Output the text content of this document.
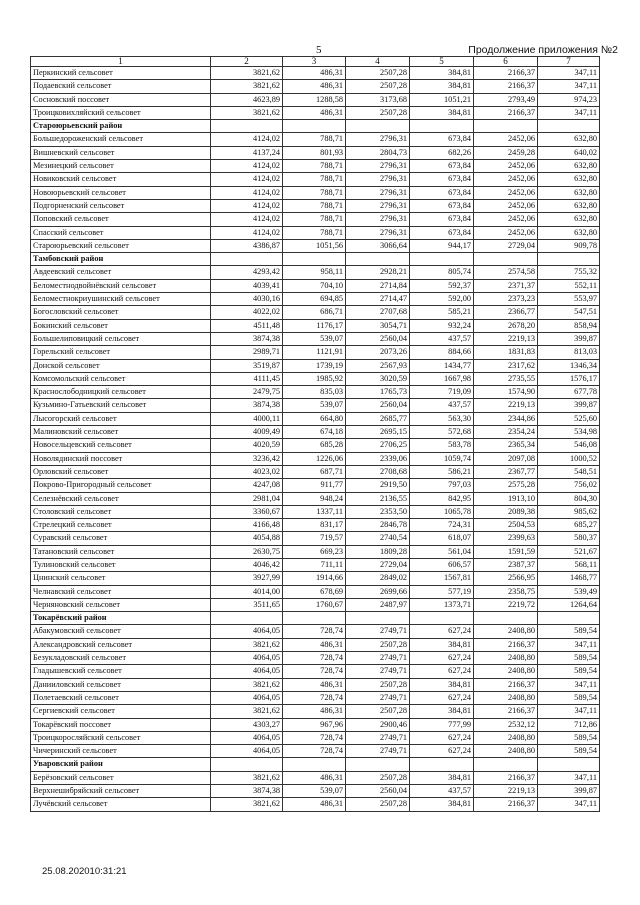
5	Продолжение приложения №2
1	2	3	4	5	6	7
Перкинский сельсовет	3821,62	486,31	2507,28	384,81	2166,37	347,11
Подаевский сельсовет	3821,62	486,31	2507,28	384,81	2166,37	347,11
Сосновский поссовет	4623,89	1288,58	3173,68	1051,21	2793,49	974,23
Троицковихляйский сельсовет	3821,62	486,31	2507,28	384,81	2166,37	347,11
Староюрьевский район						
Большедороженский сельсовет	4124,02	788,71	2796,31	673,84	2452,06	632,80
Вишневский сельсовет	4137,24	801,93	2804,73	682,26	2459,28	640,02
Мезинецкий сельсовет	4124,02	788,71	2796,31	673,84	2452,06	632,80
Новиковский сельсовет	4124,02	788,71	2796,31	673,84	2452,06	632,80
Новоюрьевский сельсовет	4124,02	788,71	2796,31	673,84	2452,06	632,80
Подгорненский сельсовет	4124,02	788,71	2796,31	673,84	2452,06	632,80
Поповский сельсовет	4124,02	788,71	2796,31	673,84	2452,06	632,80
Спасский сельсовет	4124,02	788,71	2796,31	673,84	2452,06	632,80
Староюрьевский сельсовет	4386,87	1051,56	3066,64	944,17	2729,04	909,78
Тамбовский район						
Авдеевский сельсовет	4293,42	958,11	2928,21	805,74	2574,58	755,32
Беломестнодвойнёвский сельсовет	4039,41	704,10	2714,84	592,37	2371,37	552,11
Беломестнокриушинский сельсовет	4030,16	694,85	2714,47	592,00	2373,23	553,97
Богословский сельсовет	4022,02	686,71	2707,68	585,21	2366,77	547,51
Бокинский сельсовет	4511,48	1176,17	3054,71	932,24	2678,20	858,94
Большелиповицкий сельсовет	3874,38	539,07	2560,04	437,57	2219,13	399,87
Горельский сельсовет	2989,71	1121,91	2073,26	884,66	1831,83	813,03
Донской сельсовет	3519,87	1739,19	2567,93	1434,77	2317,62	1346,34
Комсомольский сельсовет	4111,45	1985,92	3020,59	1667,98	2735,55	1576,17
Краснослободницкий сельсовет	2479,75	835,03	1765,73	719,09	1574,90	677,78
Кузьмино-Гатьевский сельсовет	3874,38	539,07	2560,04	437,57	2219,13	399,87
Лысогорский сельсовет	4000,11	664,80	2685,77	563,30	2344,86	525,60
Малиновский сельсовет	4009,49	674,18	2695,15	572,68	2354,24	534,98
Новосельцевский сельсовет	4020,59	685,28	2706,25	583,78	2365,34	546,08
Новолядинский поссовет	3236,42	1226,06	2339,06	1059,74	2097,08	1000,52
Орловский сельсовет	4023,02	687,71	2708,68	586,21	2367,77	548,51
Покрово-Пригородный сельсовет	4247,08	911,77	2919,50	797,03	2575,28	756,02
Селезнёвский сельсовет	2981,04	948,24	2136,55	842,95	1913,10	804,30
Столовский сельсовет	3360,67	1337,11	2353,50	1065,78	2089,38	985,62
Стрелецкий сельсовет	4166,48	831,17	2846,78	724,31	2504,53	685,27
Суравский сельсовет	4054,88	719,57	2740,54	618,07	2399,63	580,37
Татановский сельсовет	2630,75	669,23	1809,28	561,04	1591,59	521,67
Тулиновский сельсовет	4046,42	711,11	2729,04	606,57	2387,37	568,11
Цнинский сельсовет	3927,99	1914,66	2849,02	1567,81	2566,95	1468,77
Челнавский сельсовет	4014,00	678,69	2699,66	577,19	2358,75	539,49
Черняновский сельсовет	3511,65	1760,67	2487,97	1373,71	2219,72	1264,64
Токарёвский район						
Абакумовский сельсовет	4064,05	728,74	2749,71	627,24	2408,80	589,54
Александровский сельсовет	3821,62	486,31	2507,28	384,81	2166,37	347,11
Безукладовский сельсовет	4064,05	728,74	2749,71	627,24	2408,80	589,54
Гладышевский сельсовет	4064,05	728,74	2749,71	627,24	2408,80	589,54
Данииловский сельсовет	3821,62	486,31	2507,28	384,81	2166,37	347,11
Полетаевский сельсовет	4064,05	728,74	2749,71	627,24	2408,80	589,54
Сергиевский сельсовет	3821,62	486,31	2507,28	384,81	2166,37	347,11
Токарёвский поссовет	4303,27	967,96	2900,46	777,99	2532,12	712,86
Троицкоросляйский сельсовет	4064,05	728,74	2749,71	627,24	2408,80	589,54
Чичеринский сельсовет	4064,05	728,74	2749,71	627,24	2408,80	589,54
Уваровский район						
Берёзовский сельсовет	3821,62	486,31	2507,28	384,81	2166,37	347,11
Верхнешибряйский сельсовет	3874,38	539,07	2560,04	437,57	2219,13	399,87
Лучёвский сельсовет	3821,62	486,31	2507,28	384,81	2166,37	347,11
25.08.202010:31:21
